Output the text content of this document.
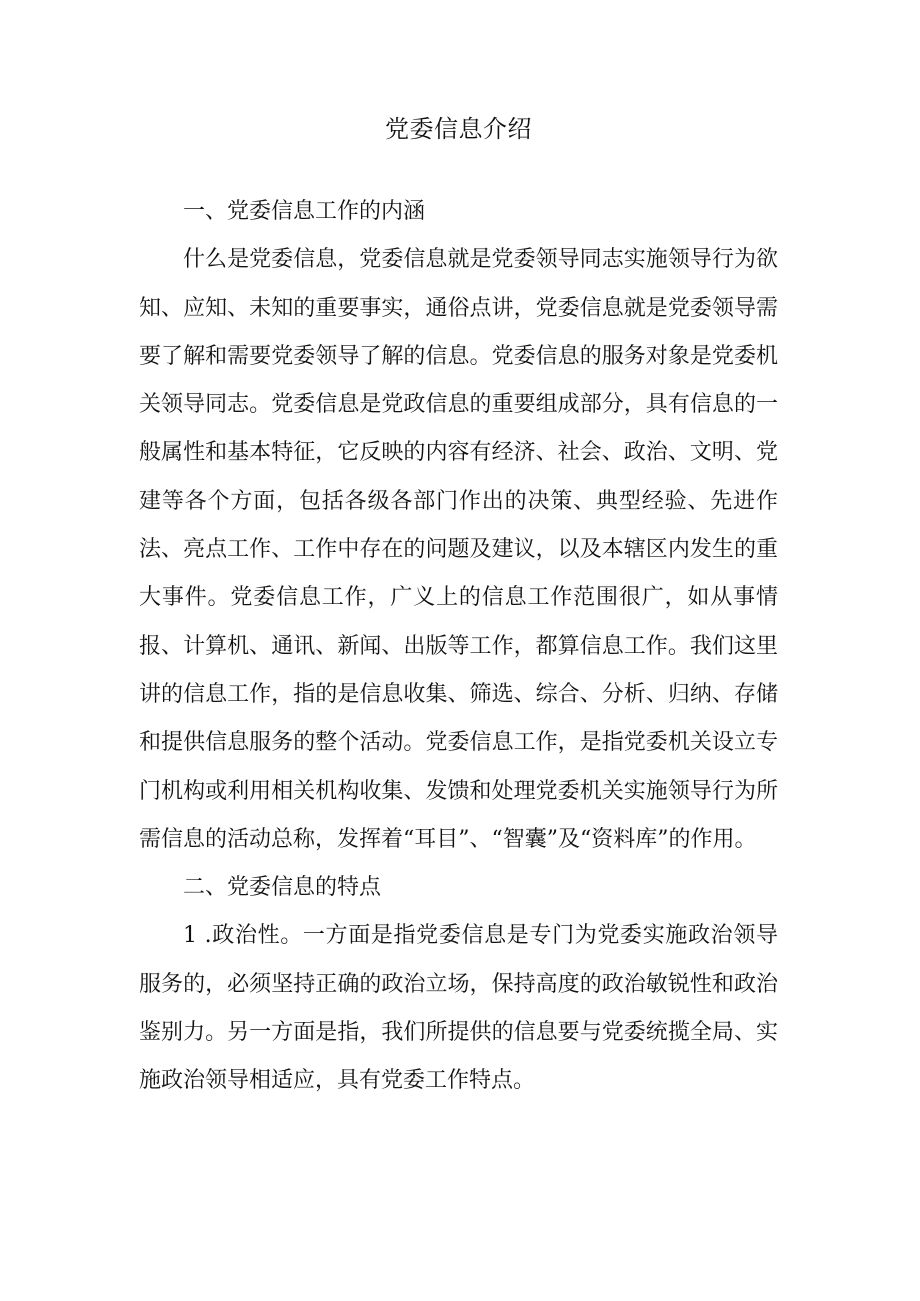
党委信息介绍

一、党委信息工作的内涵

什么是党委信息，党委信息就是党委领导同志实施领导行为欲知、应知、未知的重要事实，通俗点讲，党委信息就是党委领导需要了解和需要党委领导了解的信息。党委信息的服务对象是党委机关领导同志。党委信息是党政信息的重要组成部分，具有信息的一般属性和基本特征，它反映的内容有经济、社会、政治、文明、党建等各个方面，包括各级各部门作出的决策、典型经验、先进作法、亮点工作、工作中存在的问题及建议，以及本辖区内发生的重大事件。党委信息工作，广义上的信息工作范围很广，如从事情报、计算机、通讯、新闻、出版等工作，都算信息工作。我们这里讲的信息工作，指的是信息收集、筛选、综合、分析、归纳、存储和提供信息服务的整个活动。党委信息工作，是指党委机关设立专门机构或利用相关机构收集、发馈和处理党委机关实施领导行为所需信息的活动总称，发挥着“耳目”、“智囊”及“资料库”的作用。

二、党委信息的特点

1 .政治性。一方面是指党委信息是专门为党委实施政治领导服务的，必须坚持正确的政治立场，保持高度的政治敏锐性和政治鉴别力。另一方面是指，我们所提供的信息要与党委统揽全局、实施政治领导相适应，具有党委工作特点。
